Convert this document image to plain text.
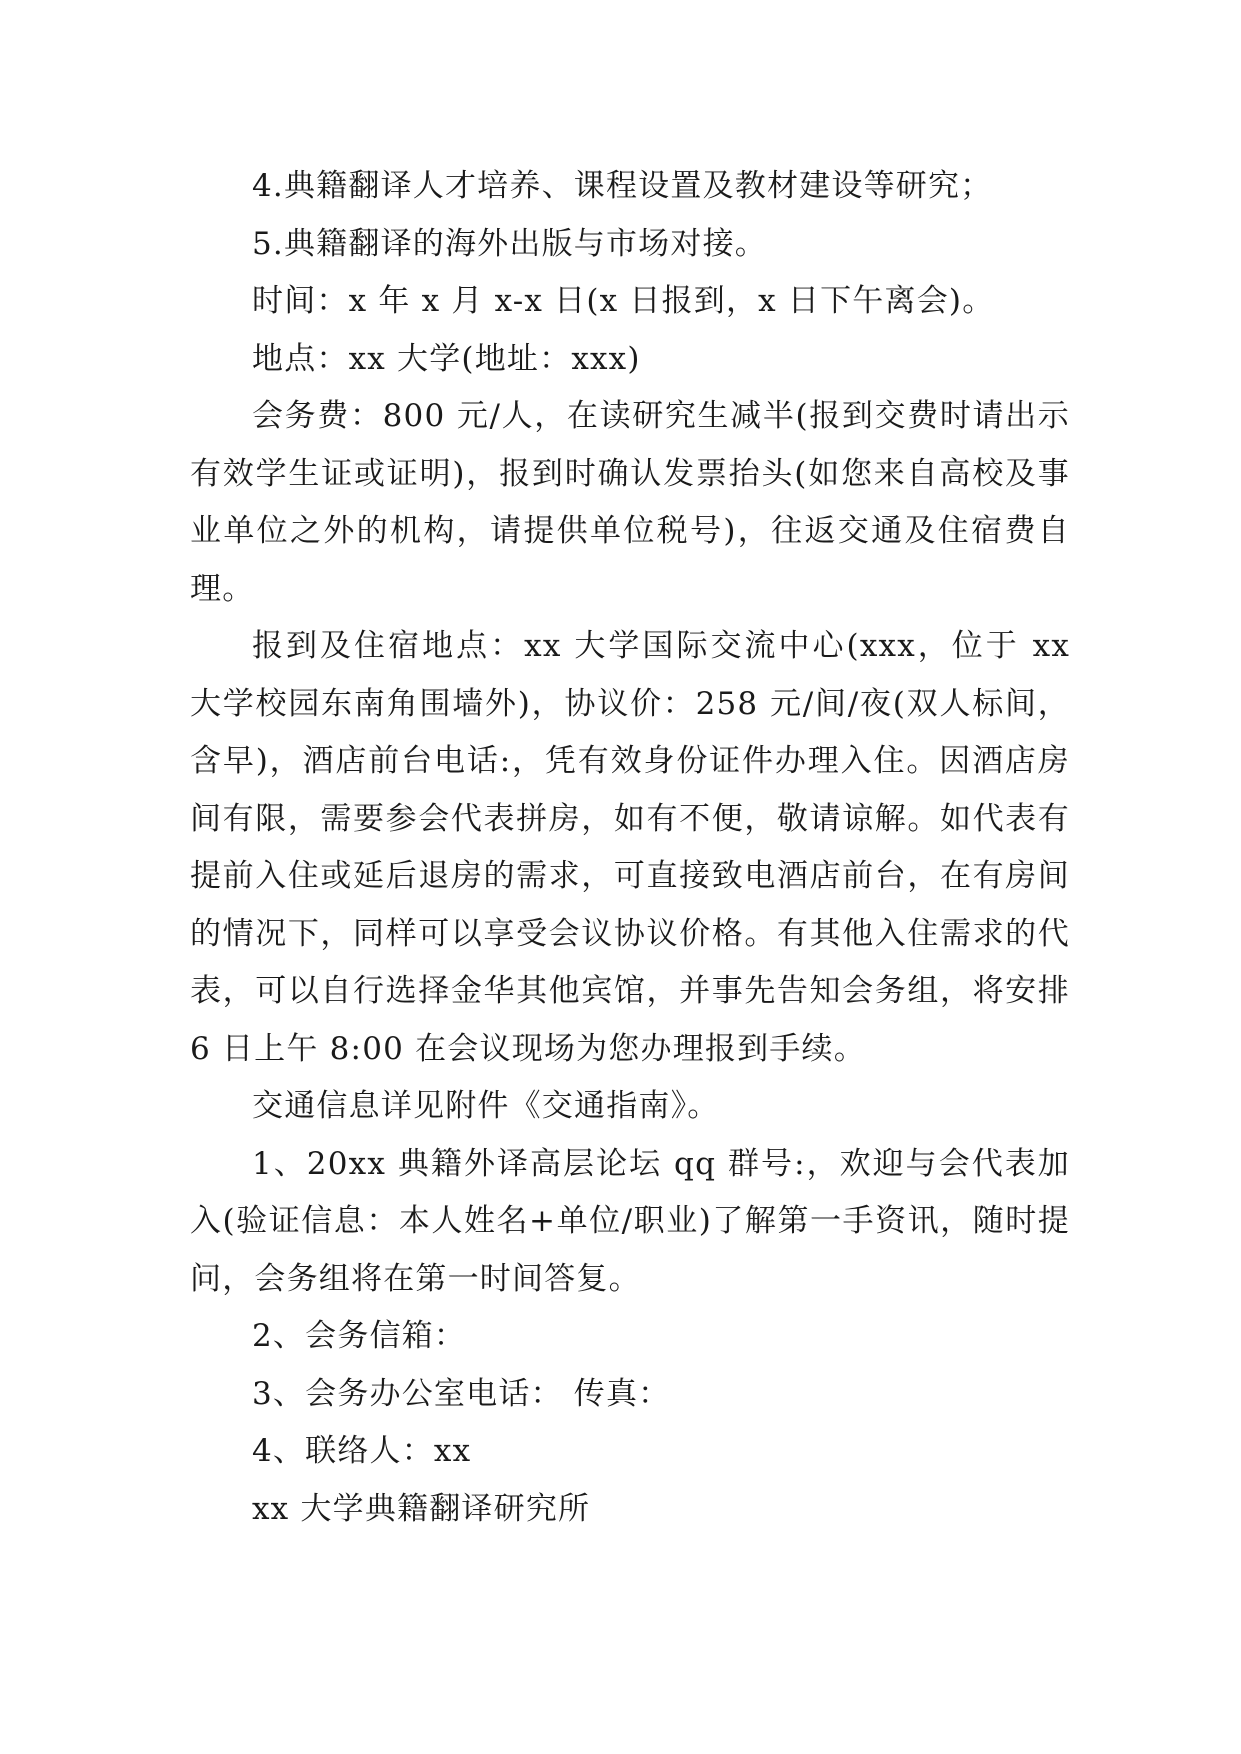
4.典籍翻译人才培养、课程设置及教材建设等研究；

5.典籍翻译的海外出版与市场对接。

时间：x 年 x 月 x-x 日(x 日报到，x 日下午离会)。

地点：xx 大学(地址：xxx)

会务费：800 元/人，在读研究生减半(报到交费时请出示有效学生证或证明)，报到时确认发票抬头(如您来自高校及事业单位之外的机构，请提供单位税号)，往返交通及住宿费自理。

报到及住宿地点：xx 大学国际交流中心(xxx，位于 xx 大学校园东南角围墙外)，协议价：258 元/间/夜(双人标间，含早)，酒店前台电话:，凭有效身份证件办理入住。因酒店房间有限，需要参会代表拼房，如有不便，敬请谅解。如代表有提前入住或延后退房的需求，可直接致电酒店前台，在有房间的情况下，同样可以享受会议协议价格。有其他入住需求的代表，可以自行选择金华其他宾馆，并事先告知会务组，将安排 6 日上午 8:00 在会议现场为您办理报到手续。

交通信息详见附件《交通指南》。

1、20xx 典籍外译高层论坛 qq 群号:，欢迎与会代表加入(验证信息：本人姓名+单位/职业)了解第一手资讯，随时提问，会务组将在第一时间答复。

2、会务信箱：

3、会务办公室电话： 传真：

4、联络人：xx

xx 大学典籍翻译研究所
